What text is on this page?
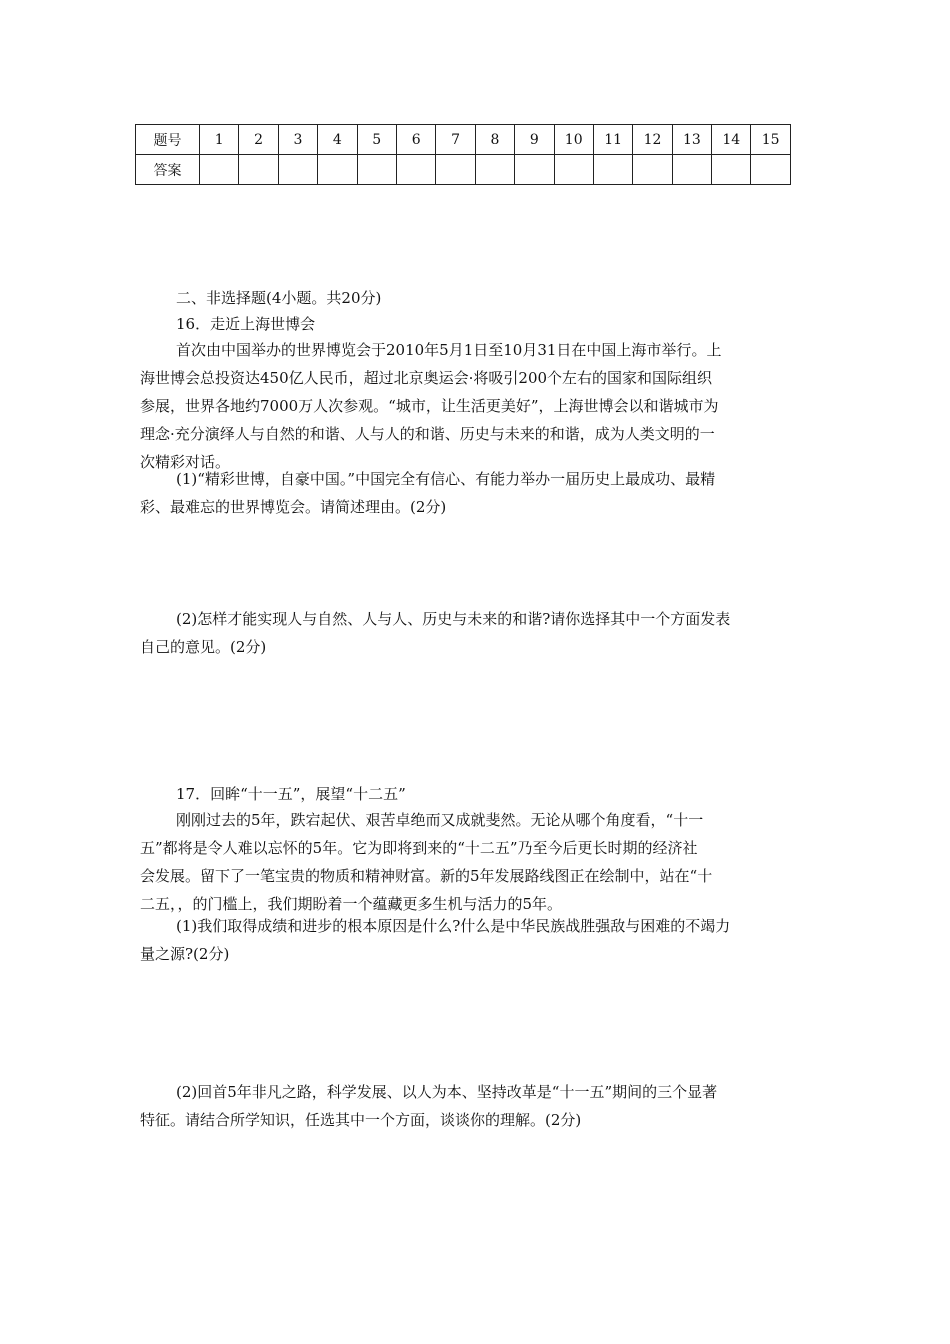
题号	1	2	3	4	5	6	7	8	9	10	11	12	13	14	15
答案															

二、非选择题(4小题。共20分)

16．走近上海世博会

首次由中国举办的世界博览会于2010年5月1日至10月31日在中国上海市举行。上
海世博会总投资达450亿人民币，超过北京奥运会·将吸引200个左右的国家和国际组织
参展，世界各地约7000万人次参观。“城市，让生活更美好”，上海世博会以和谐城市为
理念·充分演绎人与自然的和谐、人与人的和谐、历史与未来的和谐，成为人类文明的一
次精彩对话。
(1)“精彩世博，自豪中国。”中国完全有信心、有能力举办一届历史上最成功、最精
彩、最难忘的世界博览会。请简述理由。(2分)
(2)怎样才能实现人与自然、人与人、历史与未来的和谐?请你选择其中一个方面发表
自己的意见。(2分)

17．回眸“十一五”，展望“十二五”

刚刚过去的5年，跌宕起伏、艰苦卓绝而又成就斐然。无论从哪个角度看，“十一
五”都将是令人难以忘怀的5年。它为即将到来的“十二五”乃至今后更长时期的经济社
会发展。留下了一笔宝贵的物质和精神财富。新的5年发展路线图正在绘制中，站在“十
二五，，的门槛上，我们期盼着一个蕴藏更多生机与活力的5年。
(1)我们取得成绩和进步的根本原因是什么?什么是中华民族战胜强敌与困难的不竭力
量之源?(2分)
(2)回首5年非凡之路，科学发展、以人为本、坚持改革是“十一五”期间的三个显著
特征。请结合所学知识，任选其中一个方面，谈谈你的理解。(2分)
